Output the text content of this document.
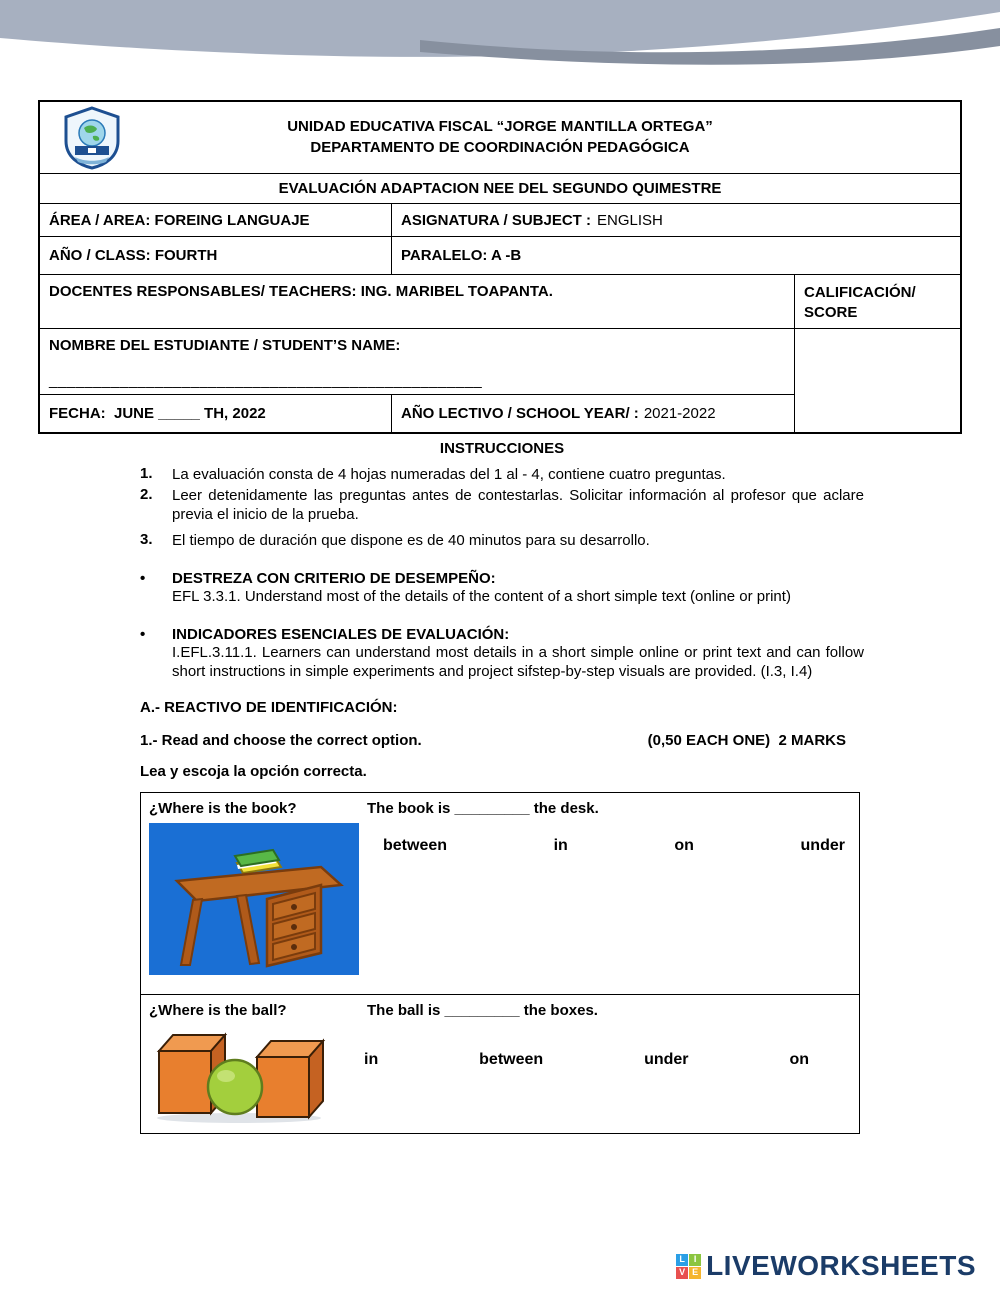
UNIDAD EDUCATIVA FISCAL “JORGE MANTILLA ORTEGA”
DEPARTAMENTO DE COORDINACIÓN PEDAGÓGICA
EVALUACIÓN ADAPTACION NEE DEL SEGUNDO QUIMESTRE
ÁREA / AREA: FOREING LANGUAJE	ASIGNATURA / SUBJECT : ENGLISH
AÑO / CLASS: FOURTH	PARALELO: A -B
DOCENTES RESPONSABLES/ TEACHERS: ING. MARIBEL TOAPANTA.	CALIFICACIÓN/
SCORE
NOMBRE DEL ESTUDIANTE / STUDENT’S NAME:
_________________________________________________
FECHA:  JUNE _____ TH, 2022	AÑO LECTIVO / SCHOOL YEAR/ : 2021-2022
INSTRUCCIONES
1.	La evaluación consta de 4 hojas numeradas del 1 al - 4, contiene cuatro preguntas.
2.	Leer detenidamente las preguntas antes de contestarlas. Solicitar información al profesor que aclare previa el inicio de la prueba.
3.	El tiempo de duración que dispone es de 40 minutos para su desarrollo.
•	DESTREZA CON CRITERIO DE DESEMPEÑO:
EFL 3.3.1. Understand most of the details of the content of a short simple text (online or print)
•	INDICADORES ESENCIALES DE EVALUACIÓN:
I.EFL.3.11.1. Learners can understand most details in a short simple online or print text and can follow short instructions in simple experiments and project sifstep-by-step visuals are provided. (I.3, I.4)
A.- REACTIVO DE IDENTIFICACIÓN:
1.- Read and choose the correct option.	(0,50 EACH ONE)  2 MARKS
Lea y escoja la opción correcta.
¿Where is the book?	The book is _________ the desk.
between	in	on	under
¿Where is the ball?	The ball is _________ the boxes.
in	between	under	on
L I
V E LIVEWORKSHEETS
